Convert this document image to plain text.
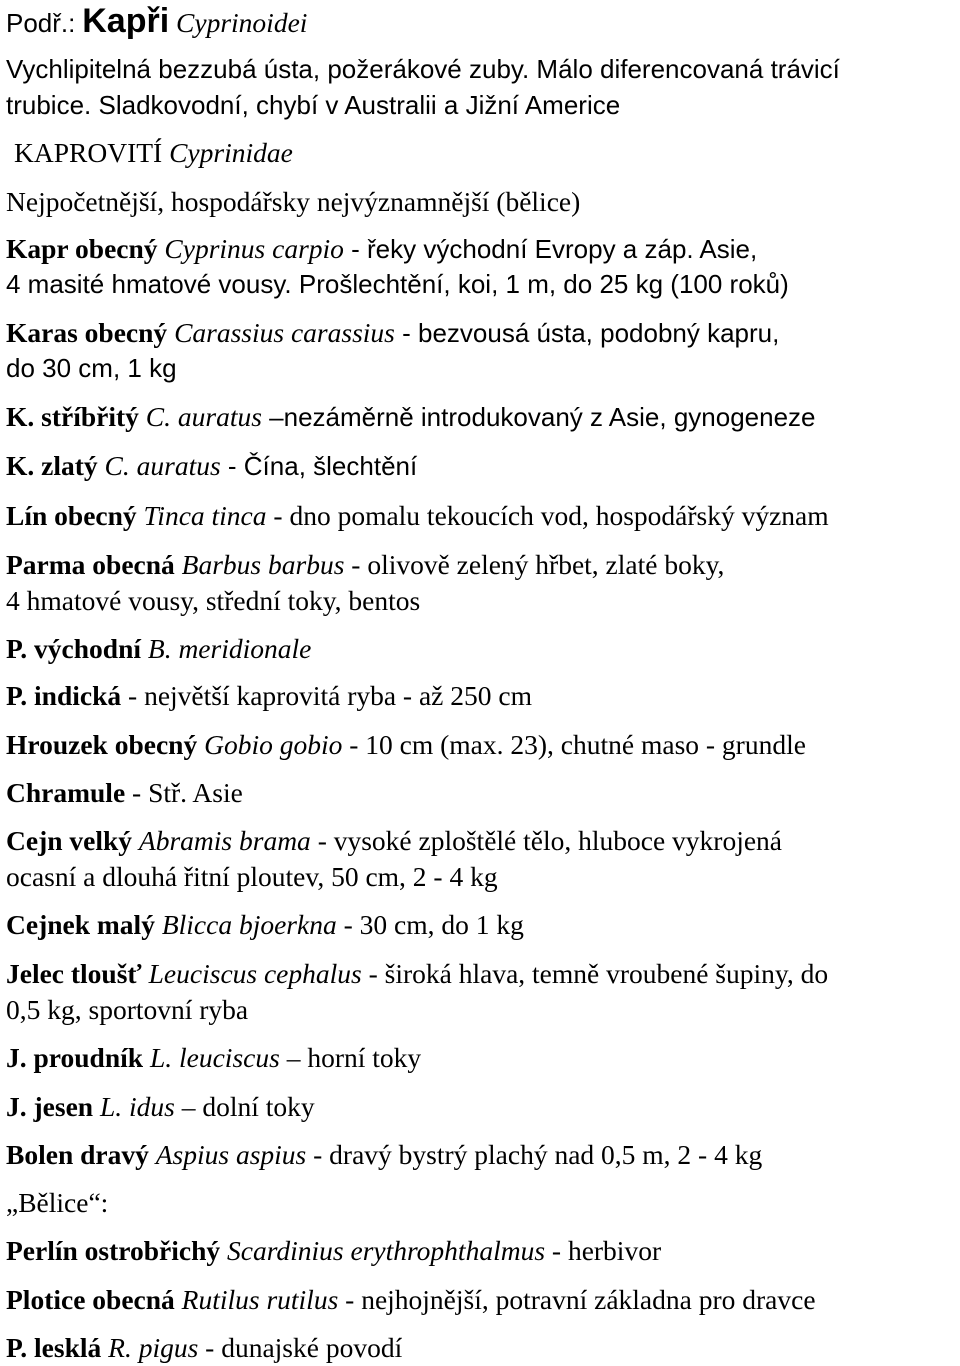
Podř.: Kapři Cyprinoidei
Vychlipitelná bezzubá ústa, požerákové zuby. Málo diferencovaná trávicí
trubice. Sladkovodní, chybí v Australii a Jižní Americe
KAPROVITÍ Cyprinidae
Nejpočetnější, hospodářsky nejvýznamnější (bělice)
Kapr obecný Cyprinus carpio - řeky východní Evropy a záp. Asie,
4 masité hmatové vousy. Prošlechtění, koi, 1 m, do 25 kg (100 roků)
Karas obecný Carassius carassius - bezvousá ústa, podobný kapru,
do 30 cm, 1 kg
K. stříbřitý C. auratus –nezáměrně introdukovaný z Asie, gynogeneze
K. zlatý C. auratus - Čína, šlechtění
Lín obecný Tinca tinca - dno pomalu tekoucích vod, hospodářský význam
Parma obecná Barbus barbus - olivově zelený hřbet, zlaté boky,
4 hmatové vousy, střední toky, bentos
P. východní B. meridionale
P. indická - největší kaprovitá ryba - až 250 cm
Hrouzek obecný Gobio gobio - 10 cm (max. 23), chutné maso - grundle
Chramule - Stř. Asie
Cejn velký Abramis brama - vysoké zploštělé tělo, hluboce vykrojená
ocasní a dlouhá řitní ploutev, 50 cm, 2 - 4 kg
Cejnek malý Blicca bjoerkna - 30 cm, do 1 kg
Jelec tloušť Leuciscus cephalus - široká hlava, temně vroubené šupiny, do
0,5 kg, sportovní ryba
J. proudník L. leuciscus – horní toky
J. jesen L. idus – dolní toky
Bolen dravý Aspius aspius - dravý bystrý plachý nad 0,5 m, 2 - 4 kg
„Bělice“:
Perlín ostrobřichý Scardinius erythrophthalmus - herbivor
Plotice obecná Rutilus rutilus - nejhojnější, potravní základna pro dravce
P. lesklá R. pigus - dunajské povodí
